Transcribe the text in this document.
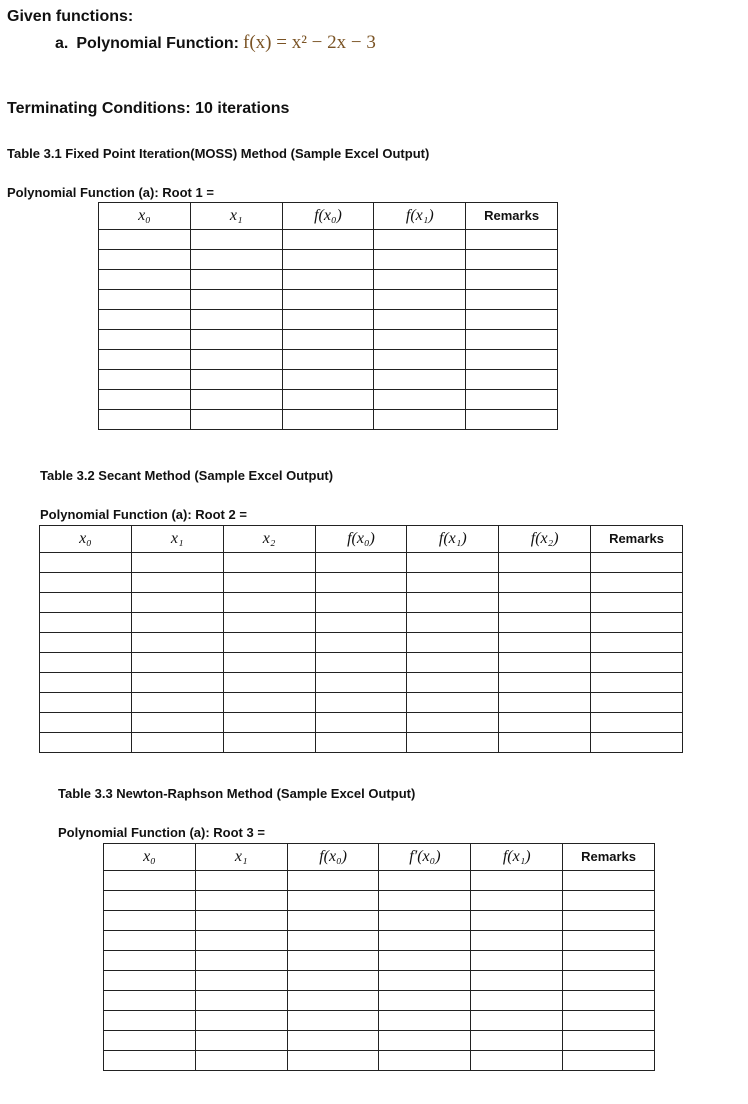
Given functions:
a. Polynomial Function: f(x) = x² − 2x − 3
Terminating Conditions: 10 iterations
Table 3.1 Fixed Point Iteration(MOSS) Method (Sample Excel Output)
Polynomial Function (a): Root 1 =
x₀	x₁	f(x₀)	f(x₁)	Remarks

Table 3.2 Secant Method (Sample Excel Output)
Polynomial Function (a): Root 2 =
x₀	x₁	x₂	f(x₀)	f(x₁)	f(x₂)	Remarks

Table 3.3 Newton-Raphson Method (Sample Excel Output)
Polynomial Function (a): Root 3 =
x₀	x₁	f(x₀)	f′(x₀)	f(x₁)	Remarks
